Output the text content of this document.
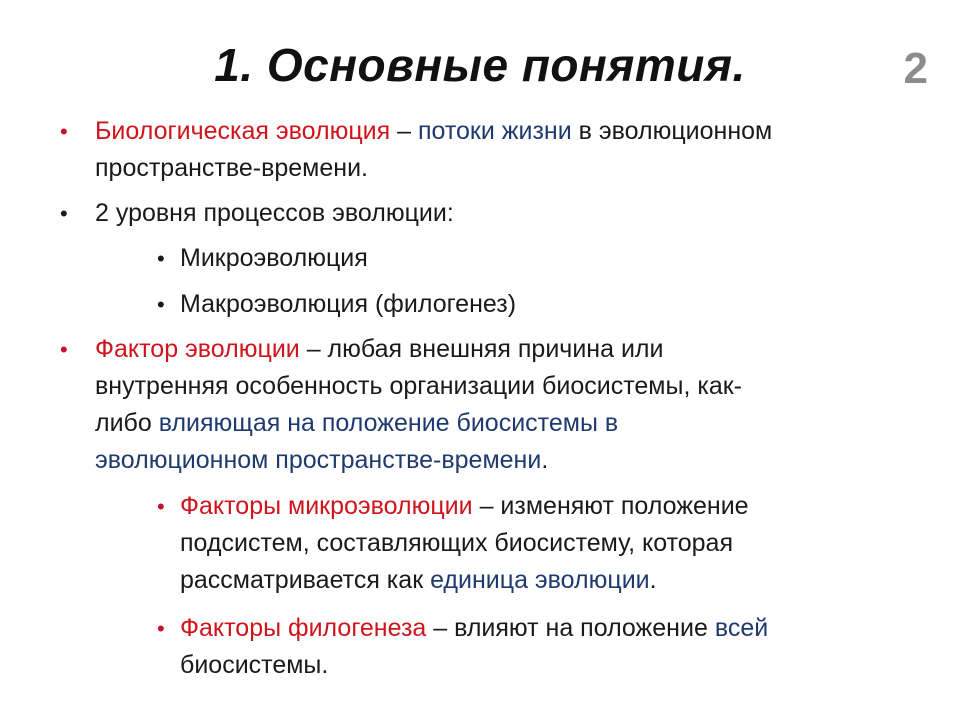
1. Основные понятия.	2
• Биологическая эволюция – потоки жизни в эволюционном
пространстве-времени.
• 2 уровня процессов эволюции:
• Микроэволюция
• Макроэволюция (филогенез)
• Фактор эволюции – любая внешняя причина или
внутренняя особенность организации биосистемы, как-
либо влияющая на положение биосистемы в
эволюционном пространстве-времени.
• Факторы микроэволюции – изменяют положение
подсистем, составляющих биосистему, которая
рассматривается как единица эволюции.
• Факторы филогенеза – влияют на положение всей
биосистемы.
